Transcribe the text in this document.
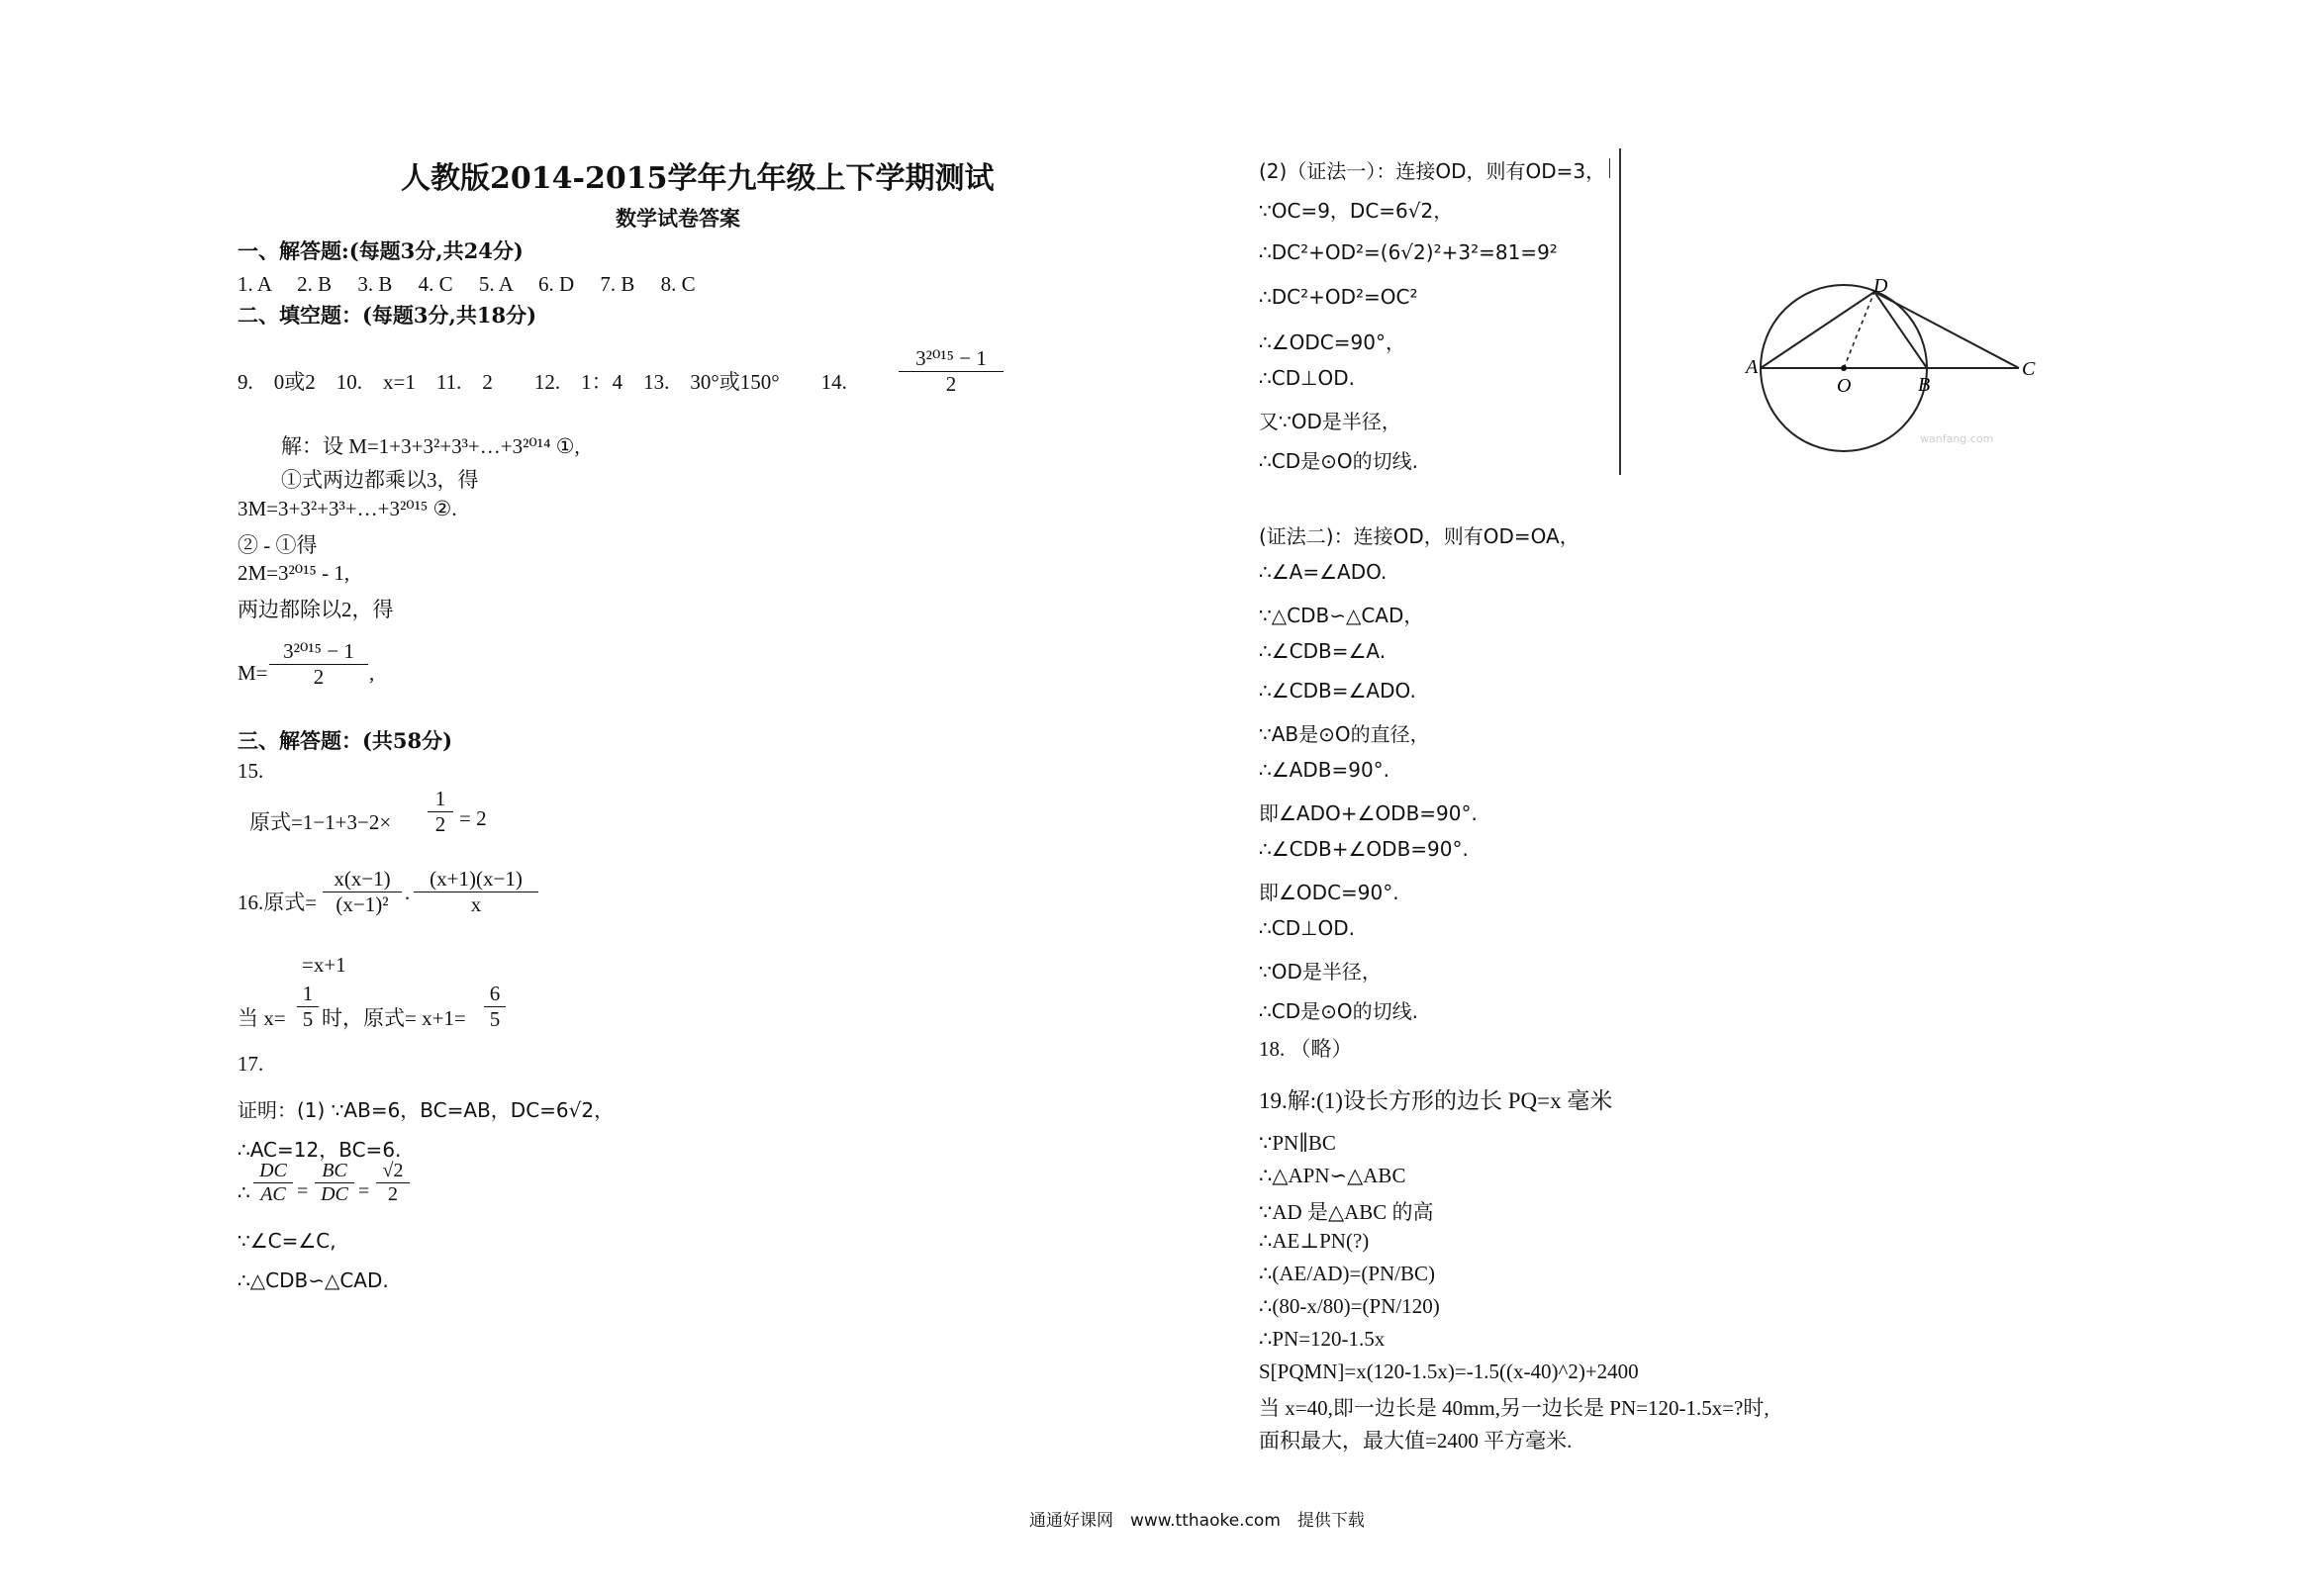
人教版2014-2015学年九年级上下学期测试
数学试卷答案
一、解答题:(每题3分,共24分)
1. A　 2. B　 3. B　 4. C　 5. A　 6. D　 7. B　 8. C
二、填空题：(每题3分,共18分)
9.　0或2　10.　x=1　11.　2　　12.　1：4　13.　30°或150°　　14.
3²⁰¹⁵ − 1
2
解：设 M=1+3+3²+3³+…+3²⁰¹⁴ ①,
①式两边都乘以3，得
3M=3+3²+3³+…+3²⁰¹⁵ ②.
② - ①得
2M=3²⁰¹⁵ - 1,
两边都除以2，得
M=
3²⁰¹⁵ − 1
2	,
三、解答题：(共58分)
15.
原式=1−1+3−2×
1
2 = 2
16.原式=
x(x−1)
(x−1)² ·
(x+1)(x−1)
x
=x+1
当 x=
1
5 时，原式= x+1=
6
5
17.
证明：(1) ∵AB=6，BC=AB，DC=6√2，
∴AC=12，BC=6.
∴
DC
AC =
BC
DC =
√2
2
∵∠C=∠C,
∴△CDB∽△CAD.
(2)（证法一）：连接OD，则有OD=3，
∵OC=9，DC=6√2，
∴DC²+OD²=(6√2)²+3²=81=9²
∴DC²+OD²=OC²
∴∠ODC=90°，
∴CD⊥OD.
又∵OD是半径，
∴CD是⊙O的切线.
A
O	B
C
D
wanfang.com
(证法二)：连接OD，则有OD=OA，
∴∠A=∠ADO.
∵△CDB∽△CAD，
∴∠CDB=∠A.
∴∠CDB=∠ADO.
∵AB是⊙O的直径，
∴∠ADB=90°.
即∠ADO+∠ODB=90°.
∴∠CDB+∠ODB=90°.
即∠ODC=90°.
∴CD⊥OD.
∵OD是半径，
∴CD是⊙O的切线.
18. （略）
19.解:(1)设长方形的边长 PQ=x 毫米
∵PN∥BC
∴△APN∽△ABC
∵AD 是△ABC 的高
∴AE⊥PN(?)
∴(AE/AD)=(PN/BC)
∴(80-x/80)=(PN/120)
∴PN=120-1.5x
S[PQMN]=x(120-1.5x)=-1.5((x-40)^2)+2400
当 x=40,即一边长是 40mm,另一边长是 PN=120-1.5x=?时,
面积最大，最大值=2400 平方毫米.
通通好课网　www.tthaoke.com　提供下载
